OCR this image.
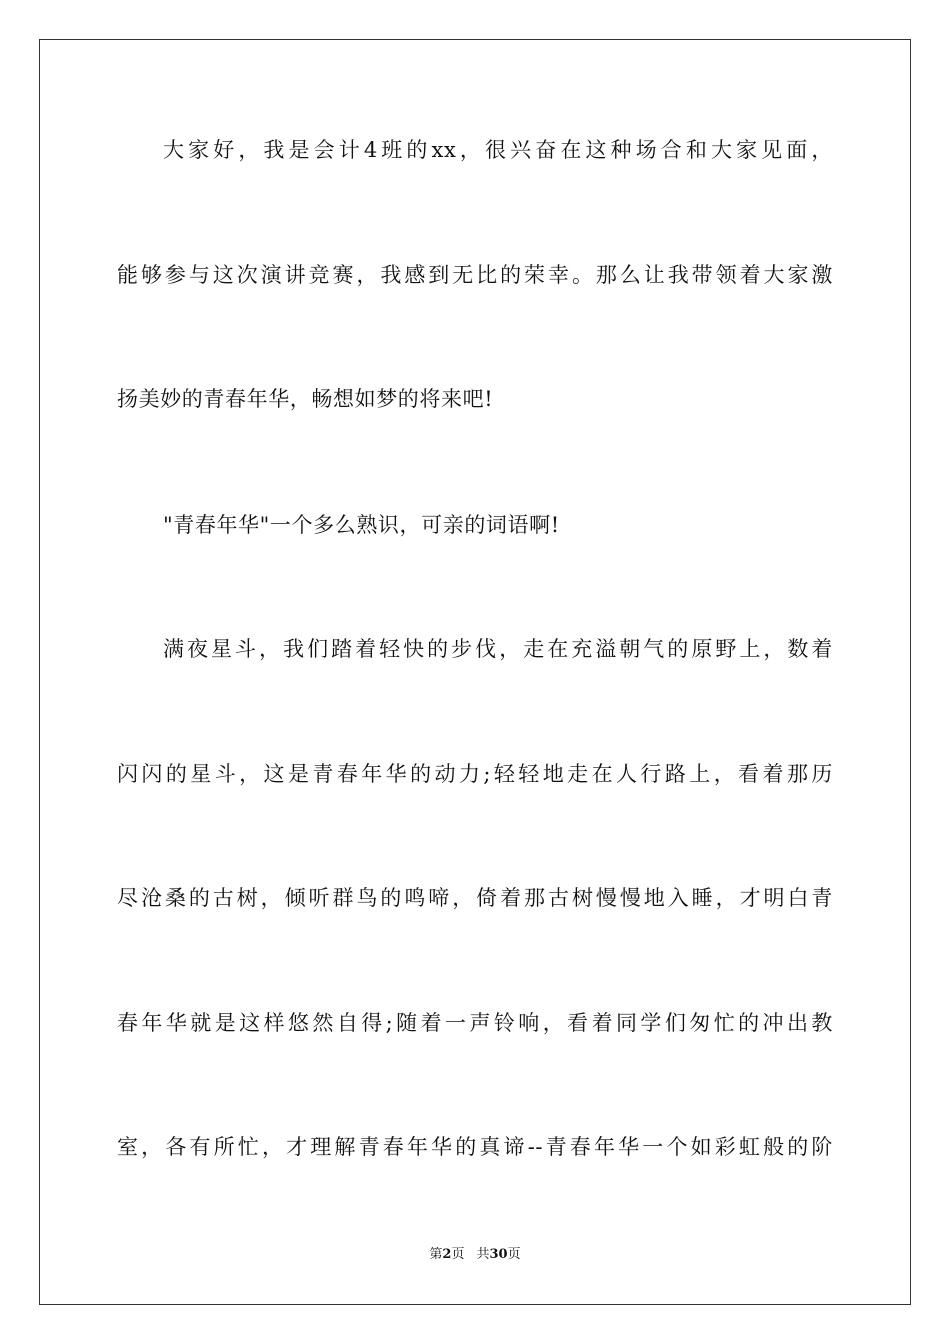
大家好，我是会计4班的xx，很兴奋在这种场合和大家见面，
能够参与这次演讲竞赛，我感到无比的荣幸。那么让我带领着大家激
扬美妙的青春年华，畅想如梦的将来吧!
"青春年华"一个多么熟识，可亲的词语啊!
满夜星斗，我们踏着轻快的步伐，走在充溢朝气的原野上，数着
闪闪的星斗，这是青春年华的动力;轻轻地走在人行路上，看着那历
尽沧桑的古树，倾听群鸟的鸣啼，倚着那古树慢慢地入睡，才明白青
春年华就是这样悠然自得;随着一声铃响，看着同学们匆忙的冲出教
室，各有所忙，才理解青春年华的真谛--青春年华一个如彩虹般的阶
第2页 共30页
